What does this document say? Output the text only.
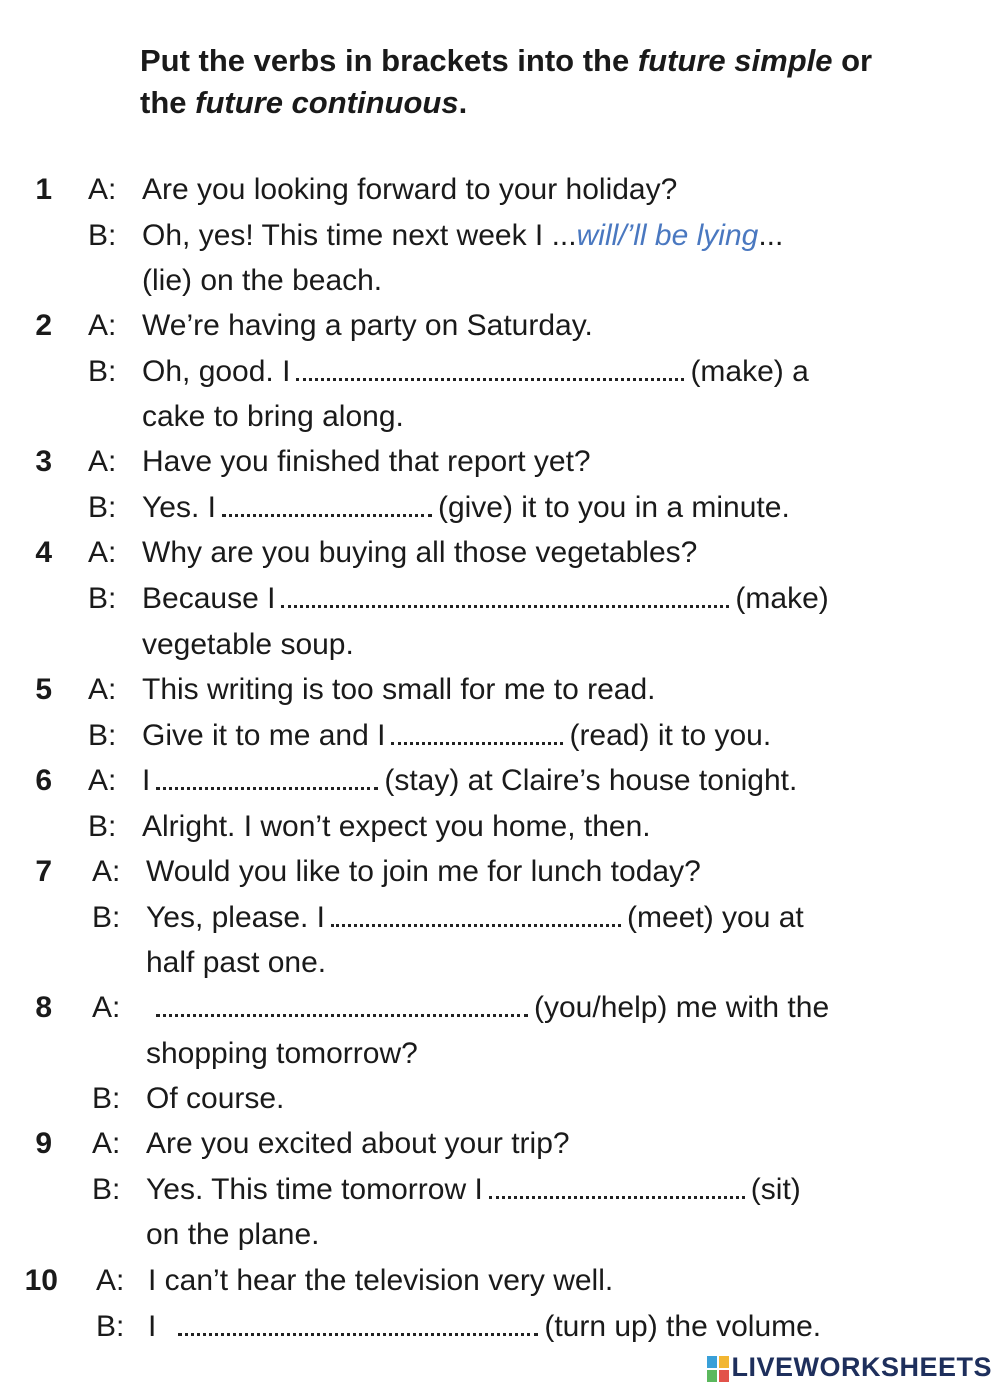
Put the verbs in brackets into the future simple or the future continuous.
1 A: Are you looking forward to your holiday?
B: Oh, yes! This time next week I ...will/’ll be lying...
(lie) on the beach.
2 A: We’re having a party on Saturday.
B: Oh, good. I	(make) a
cake to bring along.
3 A: Have you finished that report yet?
B: Yes. I	(give) it to you in a minute.
4 A: Why are you buying all those vegetables?
B: Because I	(make)
vegetable soup.
5 A: This writing is too small for me to read.
B: Give it to me and I	(read) it to you.
6 A: I	(stay) at Claire’s house tonight.
B: Alright. I won’t expect you home, then.
7 A: Would you like to join me for lunch today?
B: Yes, please. I	(meet) you at
half past one.
8 A:	(you/help) me with the
shopping tomorrow?
B: Of course.
9 A: Are you excited about your trip?
B: Yes. This time tomorrow I	(sit)
on the plane.
10 A: I can’t hear the television very well.
B: I	(turn up) the volume.
LIVEWORKSHEETS
